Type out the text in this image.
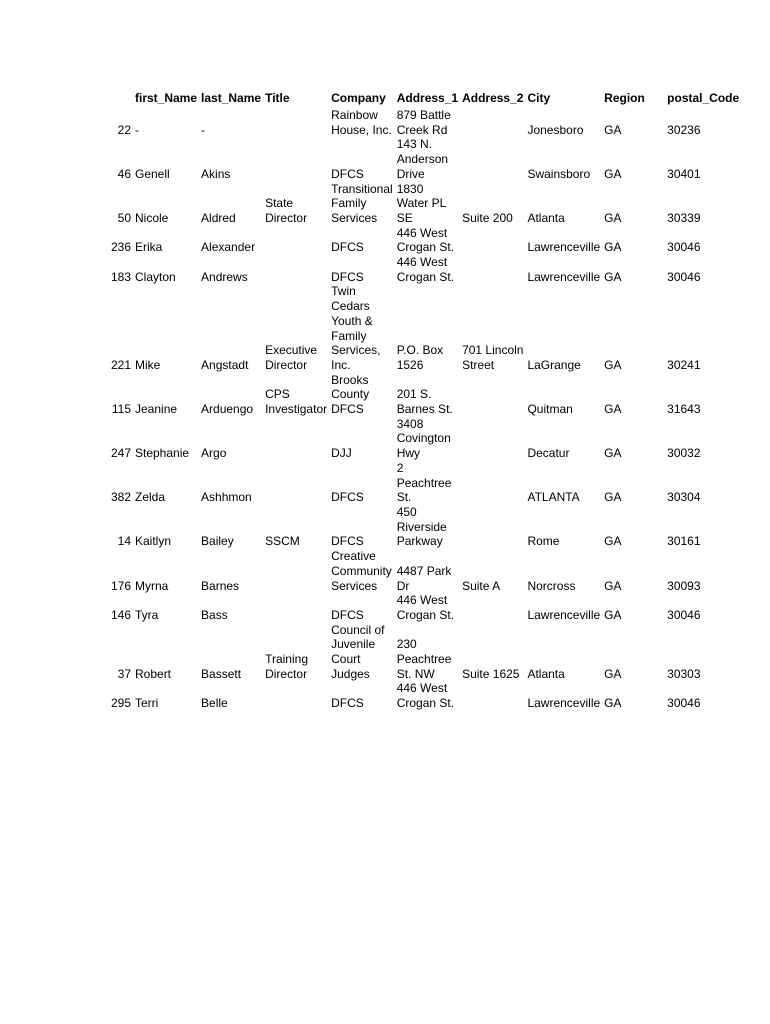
	first_Name	last_Name	Title	Company	Address_1	Address_2	City	Region	postal_Code
22	-	-		Rainbow House, Inc.	879 Battle Creek Rd		Jonesboro	GA	30236
46	Genell	Akins		DFCS	143 N. Anderson Drive		Swainsboro	GA	30401
50	Nicole	Aldred	State Director	Transitional Family Services	1830 Water PL SE	Suite 200	Atlanta	GA	30339
236	Erika	Alexander		DFCS	446 West Crogan St.		Lawrenceville	GA	30046
183	Clayton	Andrews		DFCS	446 West Crogan St.		Lawrenceville	GA	30046
221	Mike	Angstadt	Executive Director	Twin Cedars Youth & Family Services, Inc.	P.O. Box 1526	701 Lincoln Street	LaGrange	GA	30241
115	Jeanine	Arduengo	CPS Investigator	Brooks County DFCS	201 S. Barnes St.		Quitman	GA	31643
247	Stephanie	Argo		DJJ	3408 Covington Hwy		Decatur	GA	30032
382	Zelda	Ashhmon		DFCS	2 Peachtree St.		ATLANTA	GA	30304
14	Kaitlyn	Bailey	SSCM	DFCS	450 Riverside Parkway		Rome	GA	30161
176	Myrna	Barnes		Creative Community Services	4487 Park Dr	Suite A	Norcross	GA	30093
146	Tyra	Bass		DFCS	446 West Crogan St.		Lawrenceville	GA	30046
37	Robert	Bassett	Training Director	Council of Juvenile Court Judges	230 Peachtree St. NW	Suite 1625	Atlanta	GA	30303
295	Terri	Belle		DFCS	446 West Crogan St.		Lawrenceville	GA	30046
